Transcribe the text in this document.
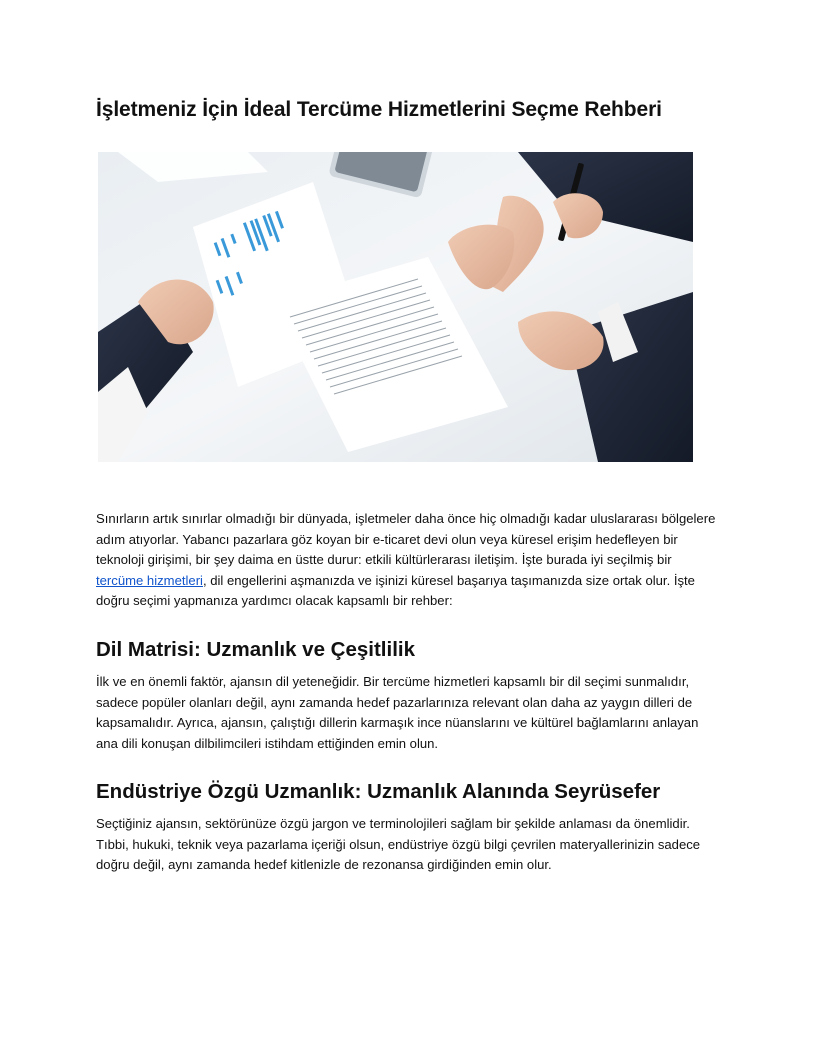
İşletmeniz İçin İdeal Tercüme Hizmetlerini Seçme Rehberi

Sınırların artık sınırlar olmadığı bir dünyada, işletmeler daha önce hiç olmadığı kadar uluslararası bölgelere adım atıyorlar. Yabancı pazarlara göz koyan bir e-ticaret devi olun veya küresel erişim hedefleyen bir teknoloji girişimi, bir şey daima en üstte durur: etkili kültürlerarası iletişim. İşte burada iyi seçilmiş bir tercüme hizmetleri, dil engellerini aşmanızda ve işinizi küresel başarıya taşımanızda size ortak olur. İşte doğru seçimi yapmanıza yardımcı olacak kapsamlı bir rehber:

Dil Matrisi: Uzmanlık ve Çeşitlilik

İlk ve en önemli faktör, ajansın dil yeteneğidir. Bir tercüme hizmetleri kapsamlı bir dil seçimi sunmalıdır, sadece popüler olanları değil, aynı zamanda hedef pazarlarınıza relevant olan daha az yaygın dilleri de kapsamalıdır. Ayrıca, ajansın, çalıştığı dillerin karmaşık ince nüanslarını ve kültürel bağlamlarını anlayan ana dili konuşan dilbilimcileri istihdam ettiğinden emin olun.

Endüstriye Özgü Uzmanlık: Uzmanlık Alanında Seyrüsefer

Seçtiğiniz ajansın, sektörünüze özgü jargon ve terminolojileri sağlam bir şekilde anlaması da önemlidir. Tıbbi, hukuki, teknik veya pazarlama içeriği olsun, endüstriye özgü bilgi çevrilen materyallerinizin sadece doğru değil, aynı zamanda hedef kitlenizle de rezonansa girdiğinden emin olur.
